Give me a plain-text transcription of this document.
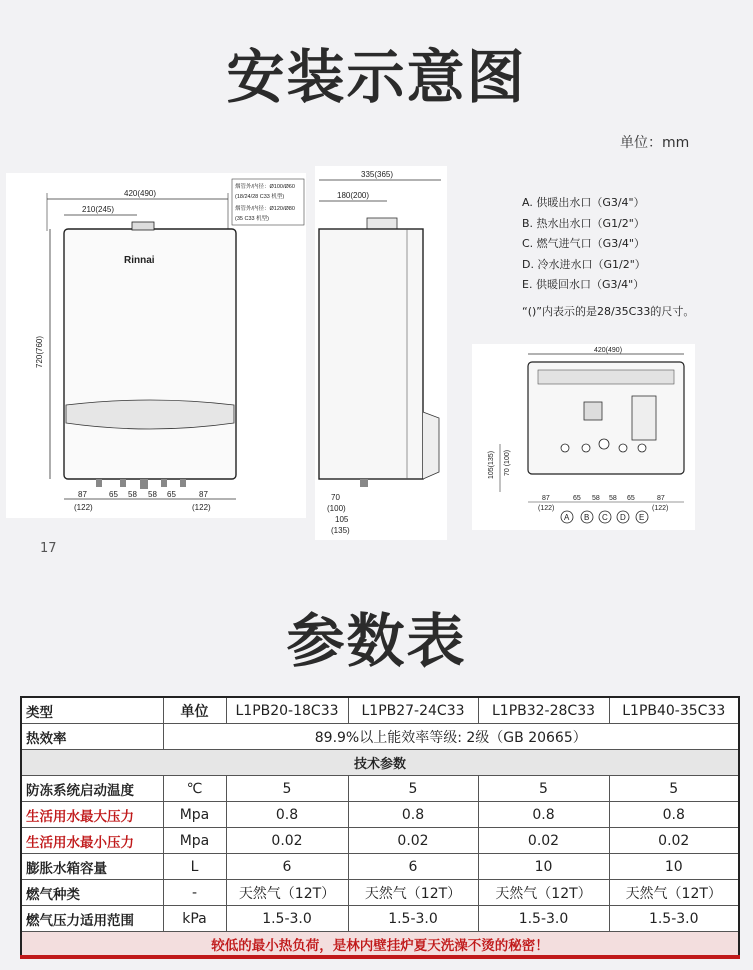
安装示意图
单位：mm
420(490)
210(245)
烟管外/内径：Ø100/Ø60
(18/24/28 C33 机型)
烟管外/内径：Ø120/Ø80
(35 C33 机型)
Rinnai
720(760)
87	65 58 58 65	87
(122)	(122)
335(365)
180(200)
70
(100)
105
(135)
A. 供暖出水口（G3/4"）
B. 热水出水口（G1/2"）
C. 燃气进气口（G3/4"）
D. 冷水进水口（G1/2"）
E. 供暖回水口（G3/4"）
“()”内表示的是28/35C33的尺寸。
420(490)
105(135) 70 (100)
87	65 58 58 65	87
(122)	(122)
A B C D E
17
参数表
类型	单位	L1PB20-18C33	L1PB27-24C33	L1PB32-28C33	L1PB40-35C33
热效率	89.9%以上能效率等级: 2级（GB 20665）				
技术参数					
防冻系统启动温度	℃	5	5	5	5
生活用水最大压力	Mpa	0.8	0.8	0.8	0.8
生活用水最小压力	Mpa	0.02	0.02	0.02	0.02
膨胀水箱容量	L	6	6	10	10
燃气种类	-	天然气（12T）	天然气（12T）	天然气（12T）	天然气（12T）
燃气压力适用范围	kPa	1.5-3.0	1.5-3.0	1.5-3.0	1.5-3.0
较低的最小热负荷，是林内壁挂炉夏天洗澡不烫的秘密！					
